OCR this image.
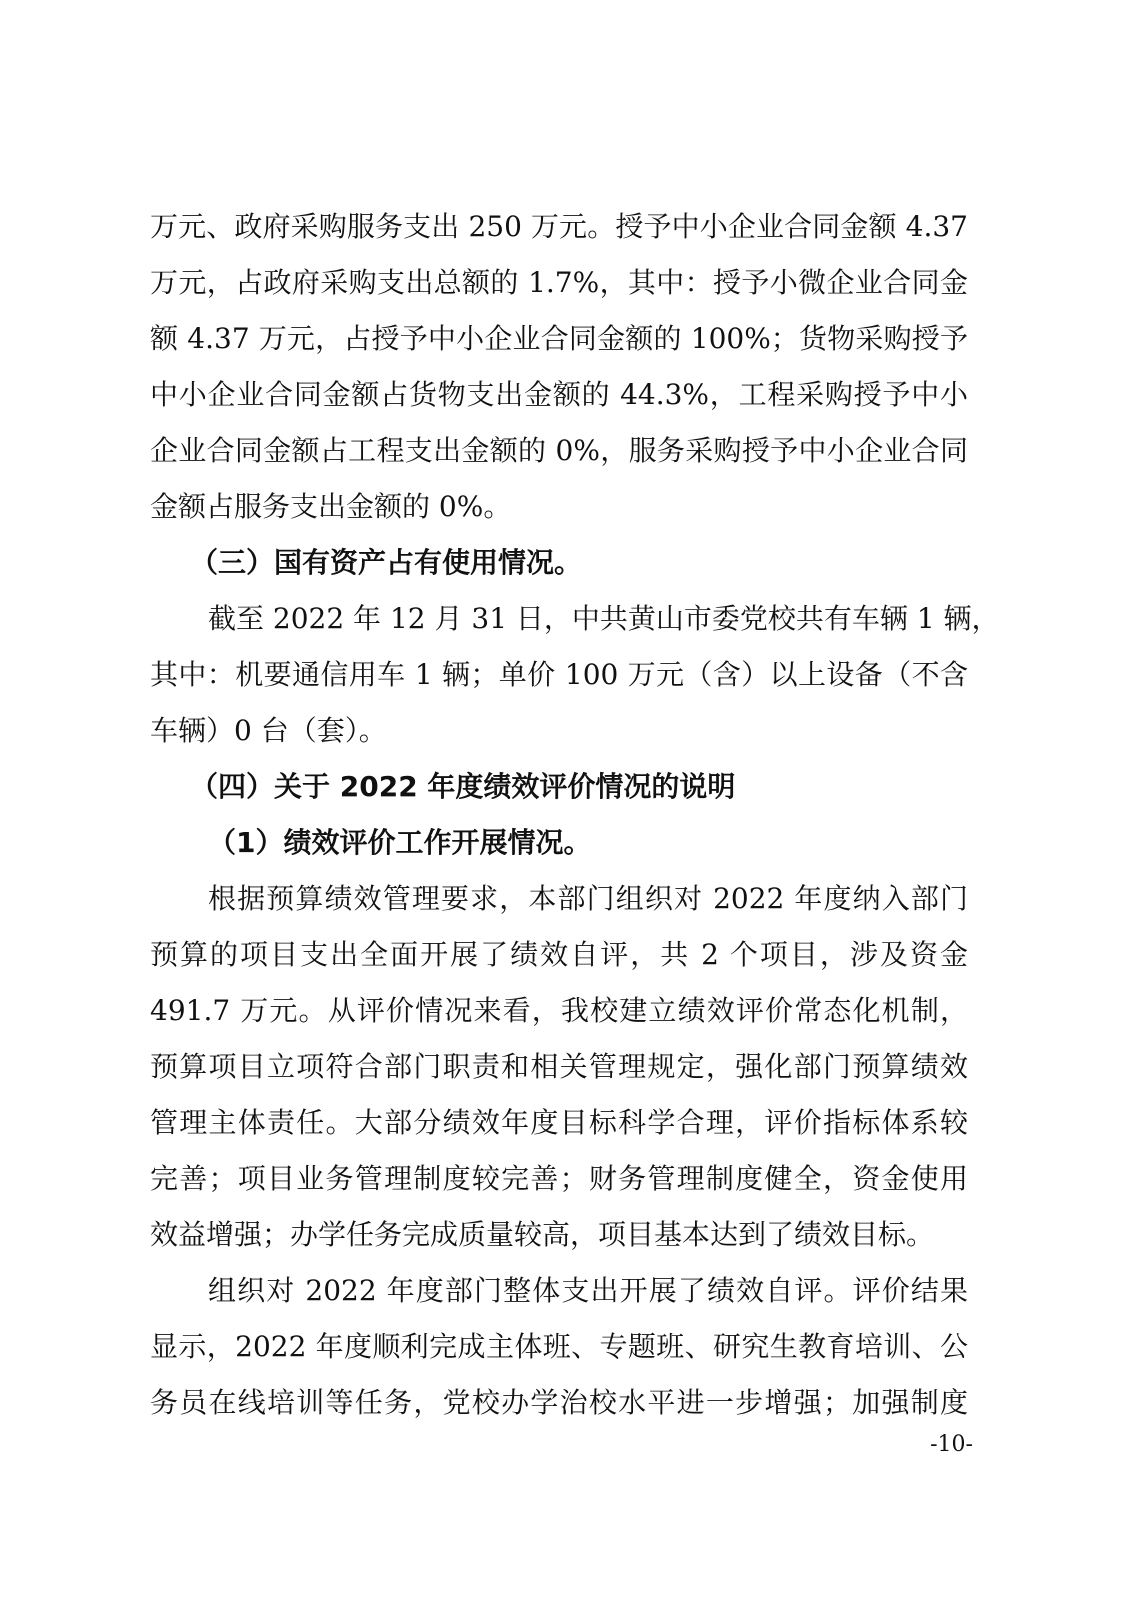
万元、政府采购服务支出 250 万元。授予中小企业合同金额 4.37
万元，占政府采购支出总额的 1.7%，其中：授予小微企业合同金
额 4.37 万元，占授予中小企业合同金额的 100%；货物采购授予
中小企业合同金额占货物支出金额的 44.3%，工程采购授予中小
企业合同金额占工程支出金额的 0%，服务采购授予中小企业合同
金额占服务支出金额的 0%。
（三）国有资产占有使用情况。
截至 2022 年 12 月 31 日，中共黄山市委党校共有车辆 1 辆，
其中：机要通信用车 1 辆；单价 100 万元（含）以上设备（不含
车辆）0 台（套）。
（四）关于 2022 年度绩效评价情况的说明
（1）绩效评价工作开展情况。
根据预算绩效管理要求，本部门组织对 2022 年度纳入部门
预算的项目支出全面开展了绩效自评，共 2 个项目，涉及资金
491.7 万元。从评价情况来看，我校建立绩效评价常态化机制，
预算项目立项符合部门职责和相关管理规定，强化部门预算绩效
管理主体责任。大部分绩效年度目标科学合理，评价指标体系较
完善；项目业务管理制度较完善；财务管理制度健全，资金使用
效益增强；办学任务完成质量较高，项目基本达到了绩效目标。
组织对 2022 年度部门整体支出开展了绩效自评。评价结果
显示，2022 年度顺利完成主体班、专题班、研究生教育培训、公
务员在线培训等任务，党校办学治校水平进一步增强；加强制度
-10-
